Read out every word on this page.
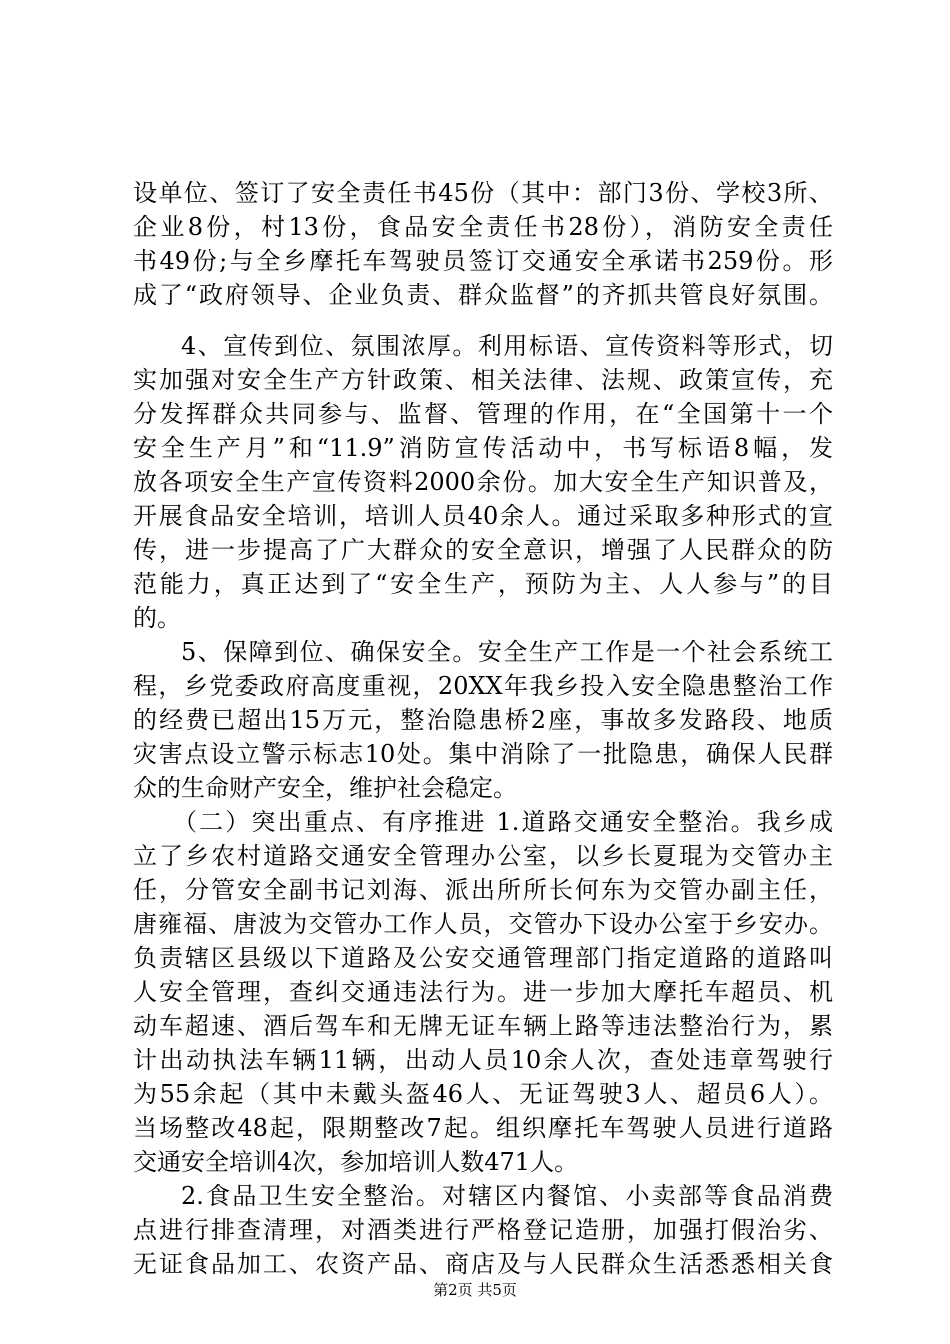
设单位、签订了安全责任书45份（其中：部门3份、学校3所、
企业8份，村13份，食品安全责任书28份），消防安全责任
书49份;与全乡摩托车驾驶员签订交通安全承诺书259份。形
成了“政府领导、企业负责、群众监督”的齐抓共管良好氛围。
4、宣传到位、氛围浓厚。利用标语、宣传资料等形式，切
实加强对安全生产方针政策、相关法律、法规、政策宣传，充
分发挥群众共同参与、监督、管理的作用，在“全国第十一个
安全生产月”和“11.9”消防宣传活动中，书写标语8幅，发
放各项安全生产宣传资料2000余份。加大安全生产知识普及，
开展食品安全培训，培训人员40余人。通过采取多种形式的宣
传，进一步提高了广大群众的安全意识，增强了人民群众的防
范能力，真正达到了“安全生产，预防为主、人人参与”的目
的。
5、保障到位、确保安全。安全生产工作是一个社会系统工
程，乡党委政府高度重视，20XX年我乡投入安全隐患整治工作
的经费已超出15万元，整治隐患桥2座，事故多发路段、地质
灾害点设立警示标志10处。集中消除了一批隐患，确保人民群
众的生命财产安全，维护社会稳定。
（二）突出重点、有序推进 1.道路交通安全整治。我乡成
立了乡农村道路交通安全管理办公室，以乡长夏琨为交管办主
任，分管安全副书记刘海、派出所所长何东为交管办副主任，
唐雍福、唐波为交管办工作人员，交管办下设办公室于乡安办。
负责辖区县级以下道路及公安交通管理部门指定道路的道路叫
人安全管理，查纠交通违法行为。进一步加大摩托车超员、机
动车超速、酒后驾车和无牌无证车辆上路等违法整治行为，累
计出动执法车辆11辆，出动人员10余人次，查处违章驾驶行
为55余起（其中未戴头盔46人、无证驾驶3人、超员6人）。
当场整改48起，限期整改7起。组织摩托车驾驶人员进行道路
交通安全培训4次，参加培训人数471人。
2.食品卫生安全整治。对辖区内餐馆、小卖部等食品消费
点进行排查清理，对酒类进行严格登记造册，加强打假治劣、
无证食品加工、农资产品、商店及与人民群众生活悉悉相关食
第2页 共5页
